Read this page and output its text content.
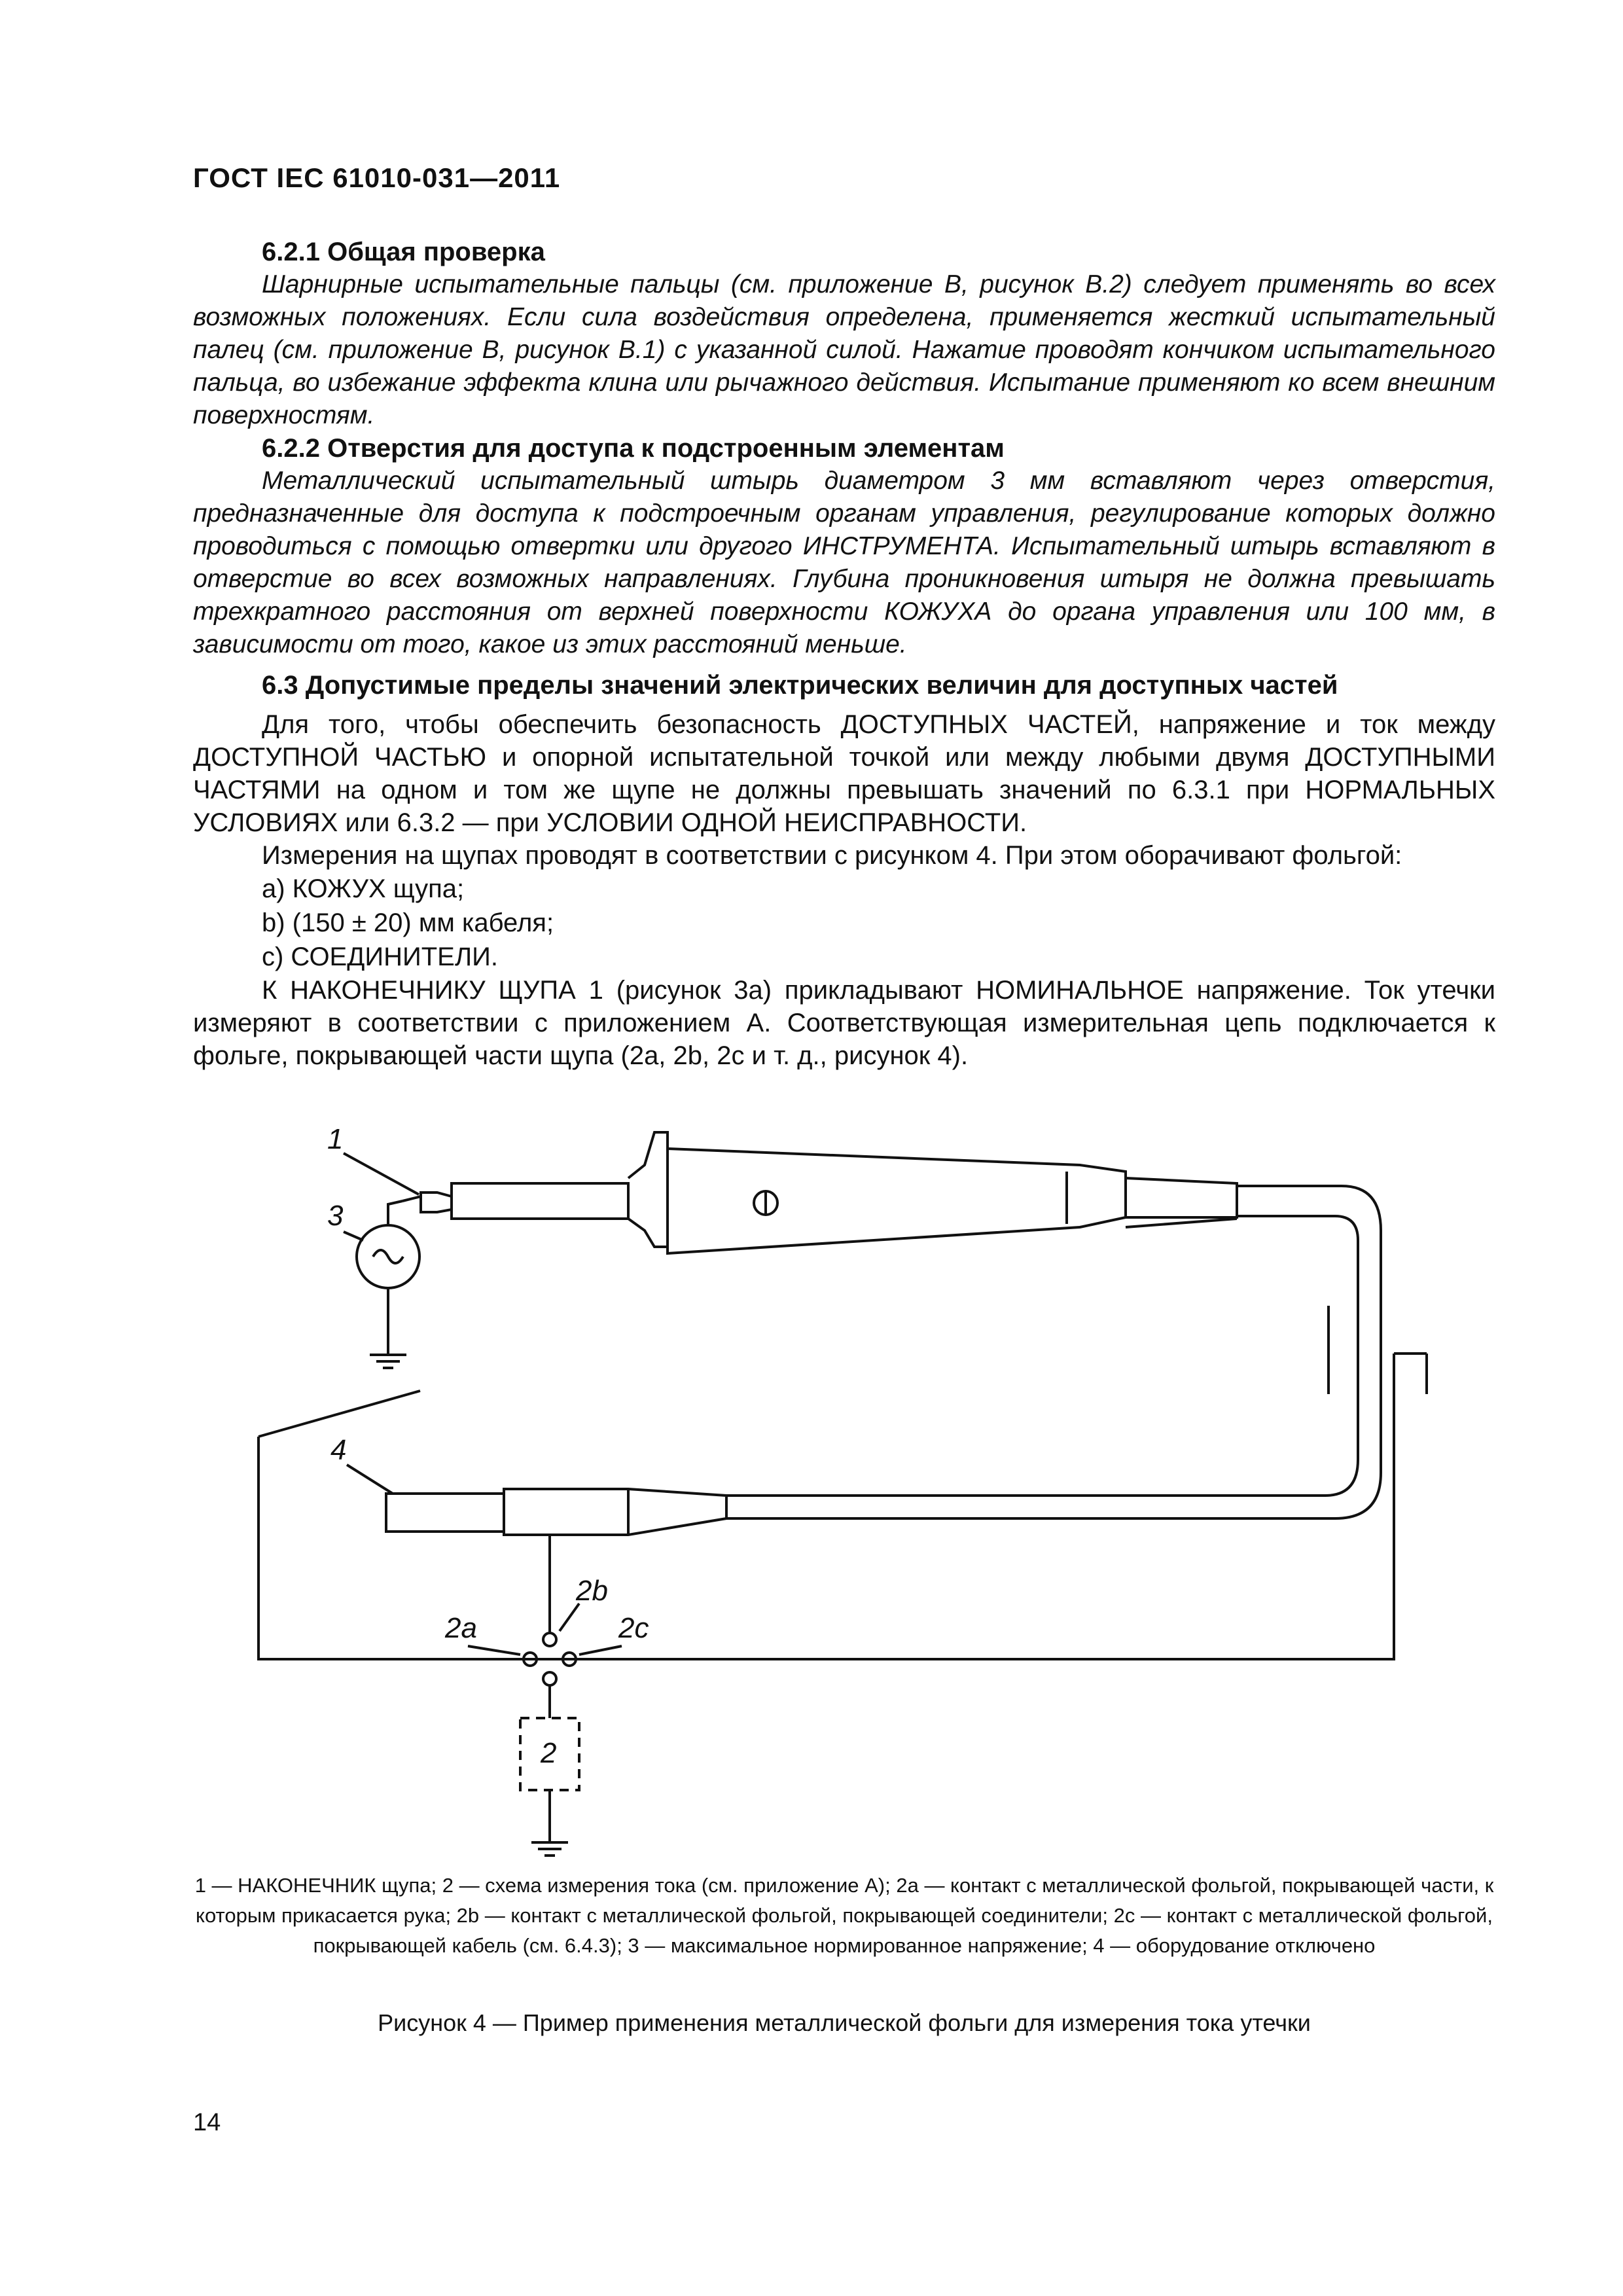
ГОСТ IEC 61010-031—2011

6.2.1 Общая проверка

Шарнирные испытательные пальцы (см. приложение В, рисунок В.2) следует применять во всех возможных положениях. Если сила воздействия определена, применяется жесткий испытательный палец (см. приложение В, рисунок В.1) с указанной силой. Нажатие проводят кончиком испытательного пальца, во избежание эффекта клина или рычажного действия. Испытание применяют ко всем внешним поверхностям.

6.2.2 Отверстия для доступа к подстроенным элементам

Металлический испытательный штырь диаметром 3 мм вставляют через отверстия, предназначенные для доступа к подстроечным органам управления, регулирование которых должно проводиться с помощью отвертки или другого ИНСТРУМЕНТА. Испытательный штырь вставляют в отверстие во всех возможных направлениях. Глубина проникновения штыря не должна превышать трехкратного расстояния от верхней поверхности КОЖУХА до органа управления или 100 мм, в зависимости от того, какое из этих расстояний меньше.

6.3 Допустимые пределы значений электрических величин для доступных частей

Для того, чтобы обеспечить безопасность ДОСТУПНЫХ ЧАСТЕЙ, напряжение и ток между ДОСТУПНОЙ ЧАСТЬЮ и опорной испытательной точкой или между любыми двумя ДОСТУПНЫМИ ЧАСТЯМИ на одном и том же щупе не должны превышать значений по 6.3.1 при НОРМАЛЬНЫХ УСЛОВИЯХ или 6.3.2 — при УСЛОВИИ ОДНОЙ НЕИСПРАВНОСТИ.

Измерения на щупах проводят в соответствии с рисунком 4. При этом оборачивают фольгой:

a) КОЖУХ щупа;

b) (150 ± 20) мм кабеля;

c) СОЕДИНИТЕЛИ.

К НАКОНЕЧНИКУ ЩУПА 1 (рисунок 3а) прикладывают НОМИНАЛЬНОЕ напряжение. Ток утечки измеряют в соответствии с приложением А. Соответствующая измерительная цепь подключается к фольге, покрывающей части щупа (2a, 2b, 2c и т. д., рисунок 4).

1
3
4
2a
2b
2c
2

1 — НАКОНЕЧНИК щупа; 2 — схема измерения тока (см. приложение А); 2a — контакт с металлической фольгой, покрывающей части, к которым прикасается рука; 2b — контакт с металлической фольгой, покрывающей соединители; 2c — контакт с металлической фольгой, покрывающей кабель (см. 6.4.3); 3 — максимальное нормированное напряжение; 4 — оборудование отключено

Рисунок 4 — Пример применения металлической фольги для измерения тока утечки

14
